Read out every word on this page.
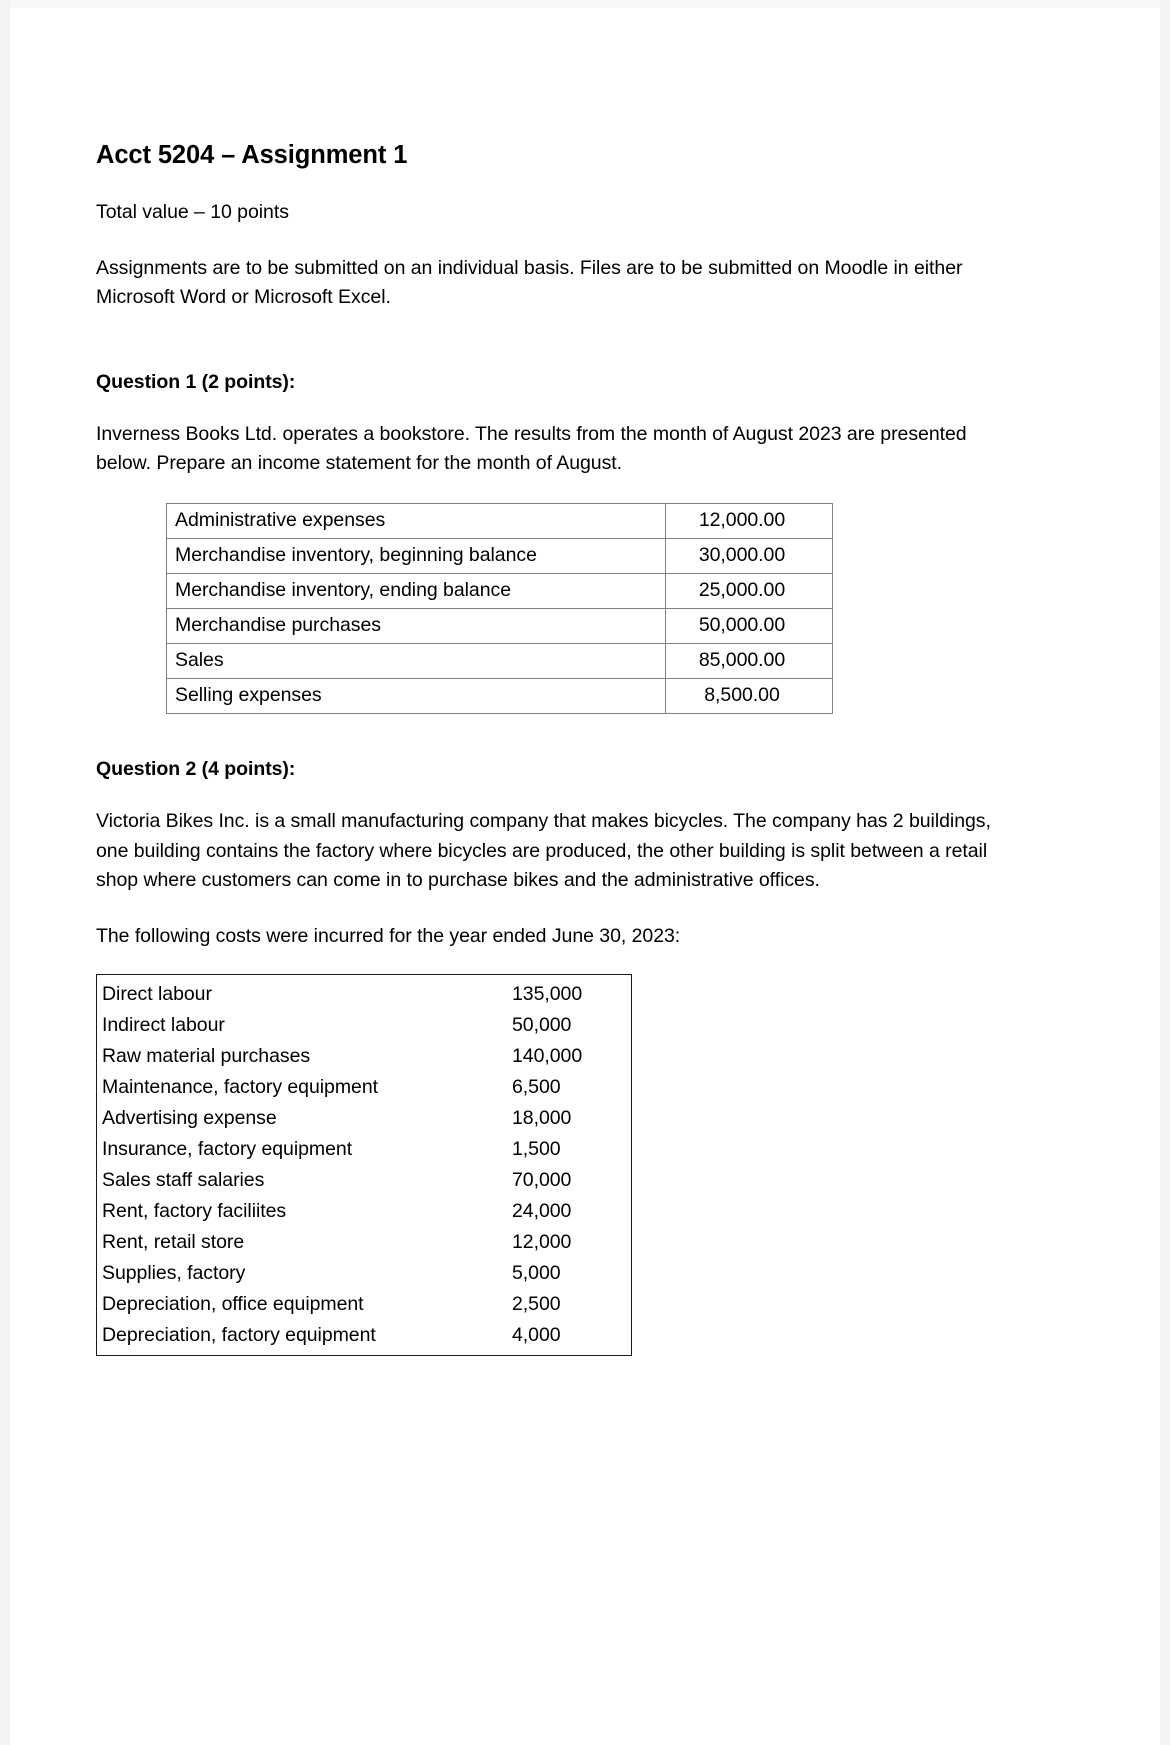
Acct 5204 – Assignment 1

Total value – 10 points

Assignments are to be submitted on an individual basis. Files are to be submitted on Moodle in either Microsoft Word or Microsoft Excel.

Question 1 (2 points):

Inverness Books Ltd. operates a bookstore. The results from the month of August 2023 are presented below. Prepare an income statement for the month of August.

Administrative expenses	12,000.00
Merchandise inventory, beginning balance	30,000.00
Merchandise inventory, ending balance	25,000.00
Merchandise purchases	50,000.00
Sales	85,000.00
Selling expenses	8,500.00
Question 2 (4 points):

Victoria Bikes Inc. is a small manufacturing company that makes bicycles. The company has 2 buildings, one building contains the factory where bicycles are produced, the other building is split between a retail shop where customers can come in to purchase bikes and the administrative offices.

The following costs were incurred for the year ended June 30, 2023:

Direct labour	135,000
Indirect labour	50,000
Raw material purchases	140,000
Maintenance, factory equipment	6,500
Advertising expense	18,000
Insurance, factory equipment	1,500
Sales staff salaries	70,000
Rent, factory faciliites	24,000
Rent, retail store	12,000
Supplies, factory	5,000
Depreciation, office equipment	2,500
Depreciation, factory equipment	4,000
